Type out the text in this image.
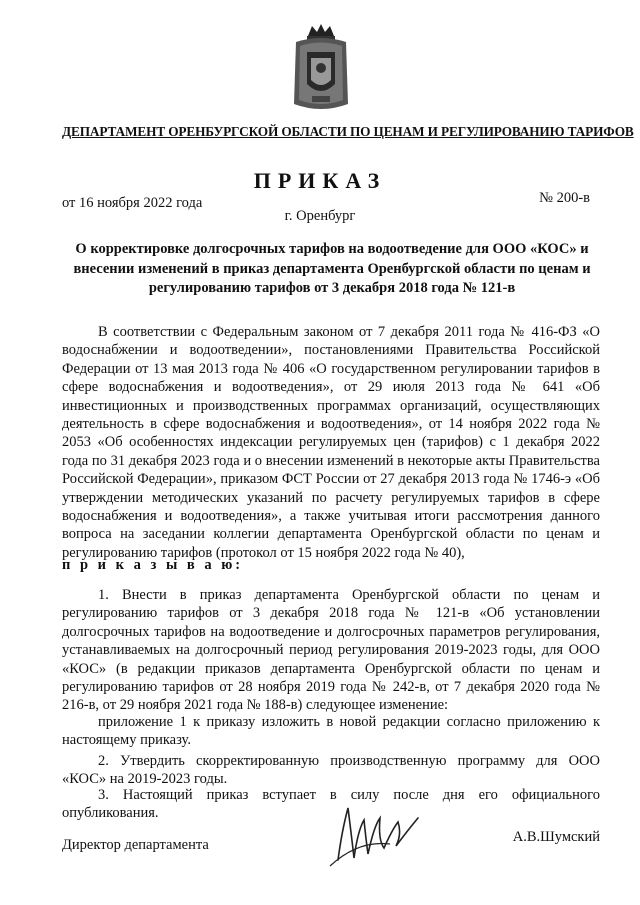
ДЕПАРТАМЕНТ ОРЕНБУРГСКОЙ ОБЛАСТИ ПО ЦЕНАМ И РЕГУЛИРОВАНИЮ ТАРИФОВ
ПРИКАЗ
от 16 ноября 2022 года	№ 200-в
г. Оренбург
О корректировке долгосрочных тарифов на водоотведение для ООО «КОС» и внесении изменений в приказ департамента Оренбургской области по ценам и регулированию тарифов от 3 декабря 2018 года № 121-в
В соответствии с Федеральным законом от 7 декабря 2011 года № 416-ФЗ «О водоснабжении и водоотведении», постановлениями Правительства Российской Федерации от 13 мая 2013 года № 406 «О государственном регулировании тарифов в сфере водоснабжения и водоотведения», от 29 июля 2013 года № 641 «Об инвестиционных и производственных программах организаций, осуществляющих деятельность в сфере водоснабжения и водоотведения», от 14 ноября 2022 года № 2053 «Об особенностях индексации регулируемых цен (тарифов) с 1 декабря 2022 года по 31 декабря 2023 года и о внесении изменений в некоторые акты Правительства Российской Федерации», приказом ФСТ России от 27 декабря 2013 года № 1746-э «Об утверждении методических указаний по расчету регулируемых тарифов в сфере водоснабжения и водоотведения», а также учитывая итоги рассмотрения данного вопроса на заседании коллегии департамента Оренбургской области по ценам и регулированию тарифов (протокол от 15 ноября 2022 года № 40),
п р и к а з ы в а ю:
1. Внести в приказ департамента Оренбургской области по ценам и регулированию тарифов от 3 декабря 2018 года № 121-в «Об установлении долгосрочных тарифов на водоотведение и долгосрочных параметров регулирования, устанавливаемых на долгосрочный период регулирования 2019-2023 годы, для ООО «КОС» (в редакции приказов департамента Оренбургской области по ценам и регулированию тарифов от 28 ноября 2019 года № 242-в, от 7 декабря 2020 года № 216-в, от 29 ноября 2021 года № 188-в) следующее изменение:
приложение 1 к приказу изложить в новой редакции согласно приложению к настоящему приказу.
2. Утвердить скорректированную производственную программу для ООО «КОС» на 2019-2023 годы.
3. Настоящий приказ вступает в силу после дня его официального опубликования.
Директор департамента	А.В.Шумский
